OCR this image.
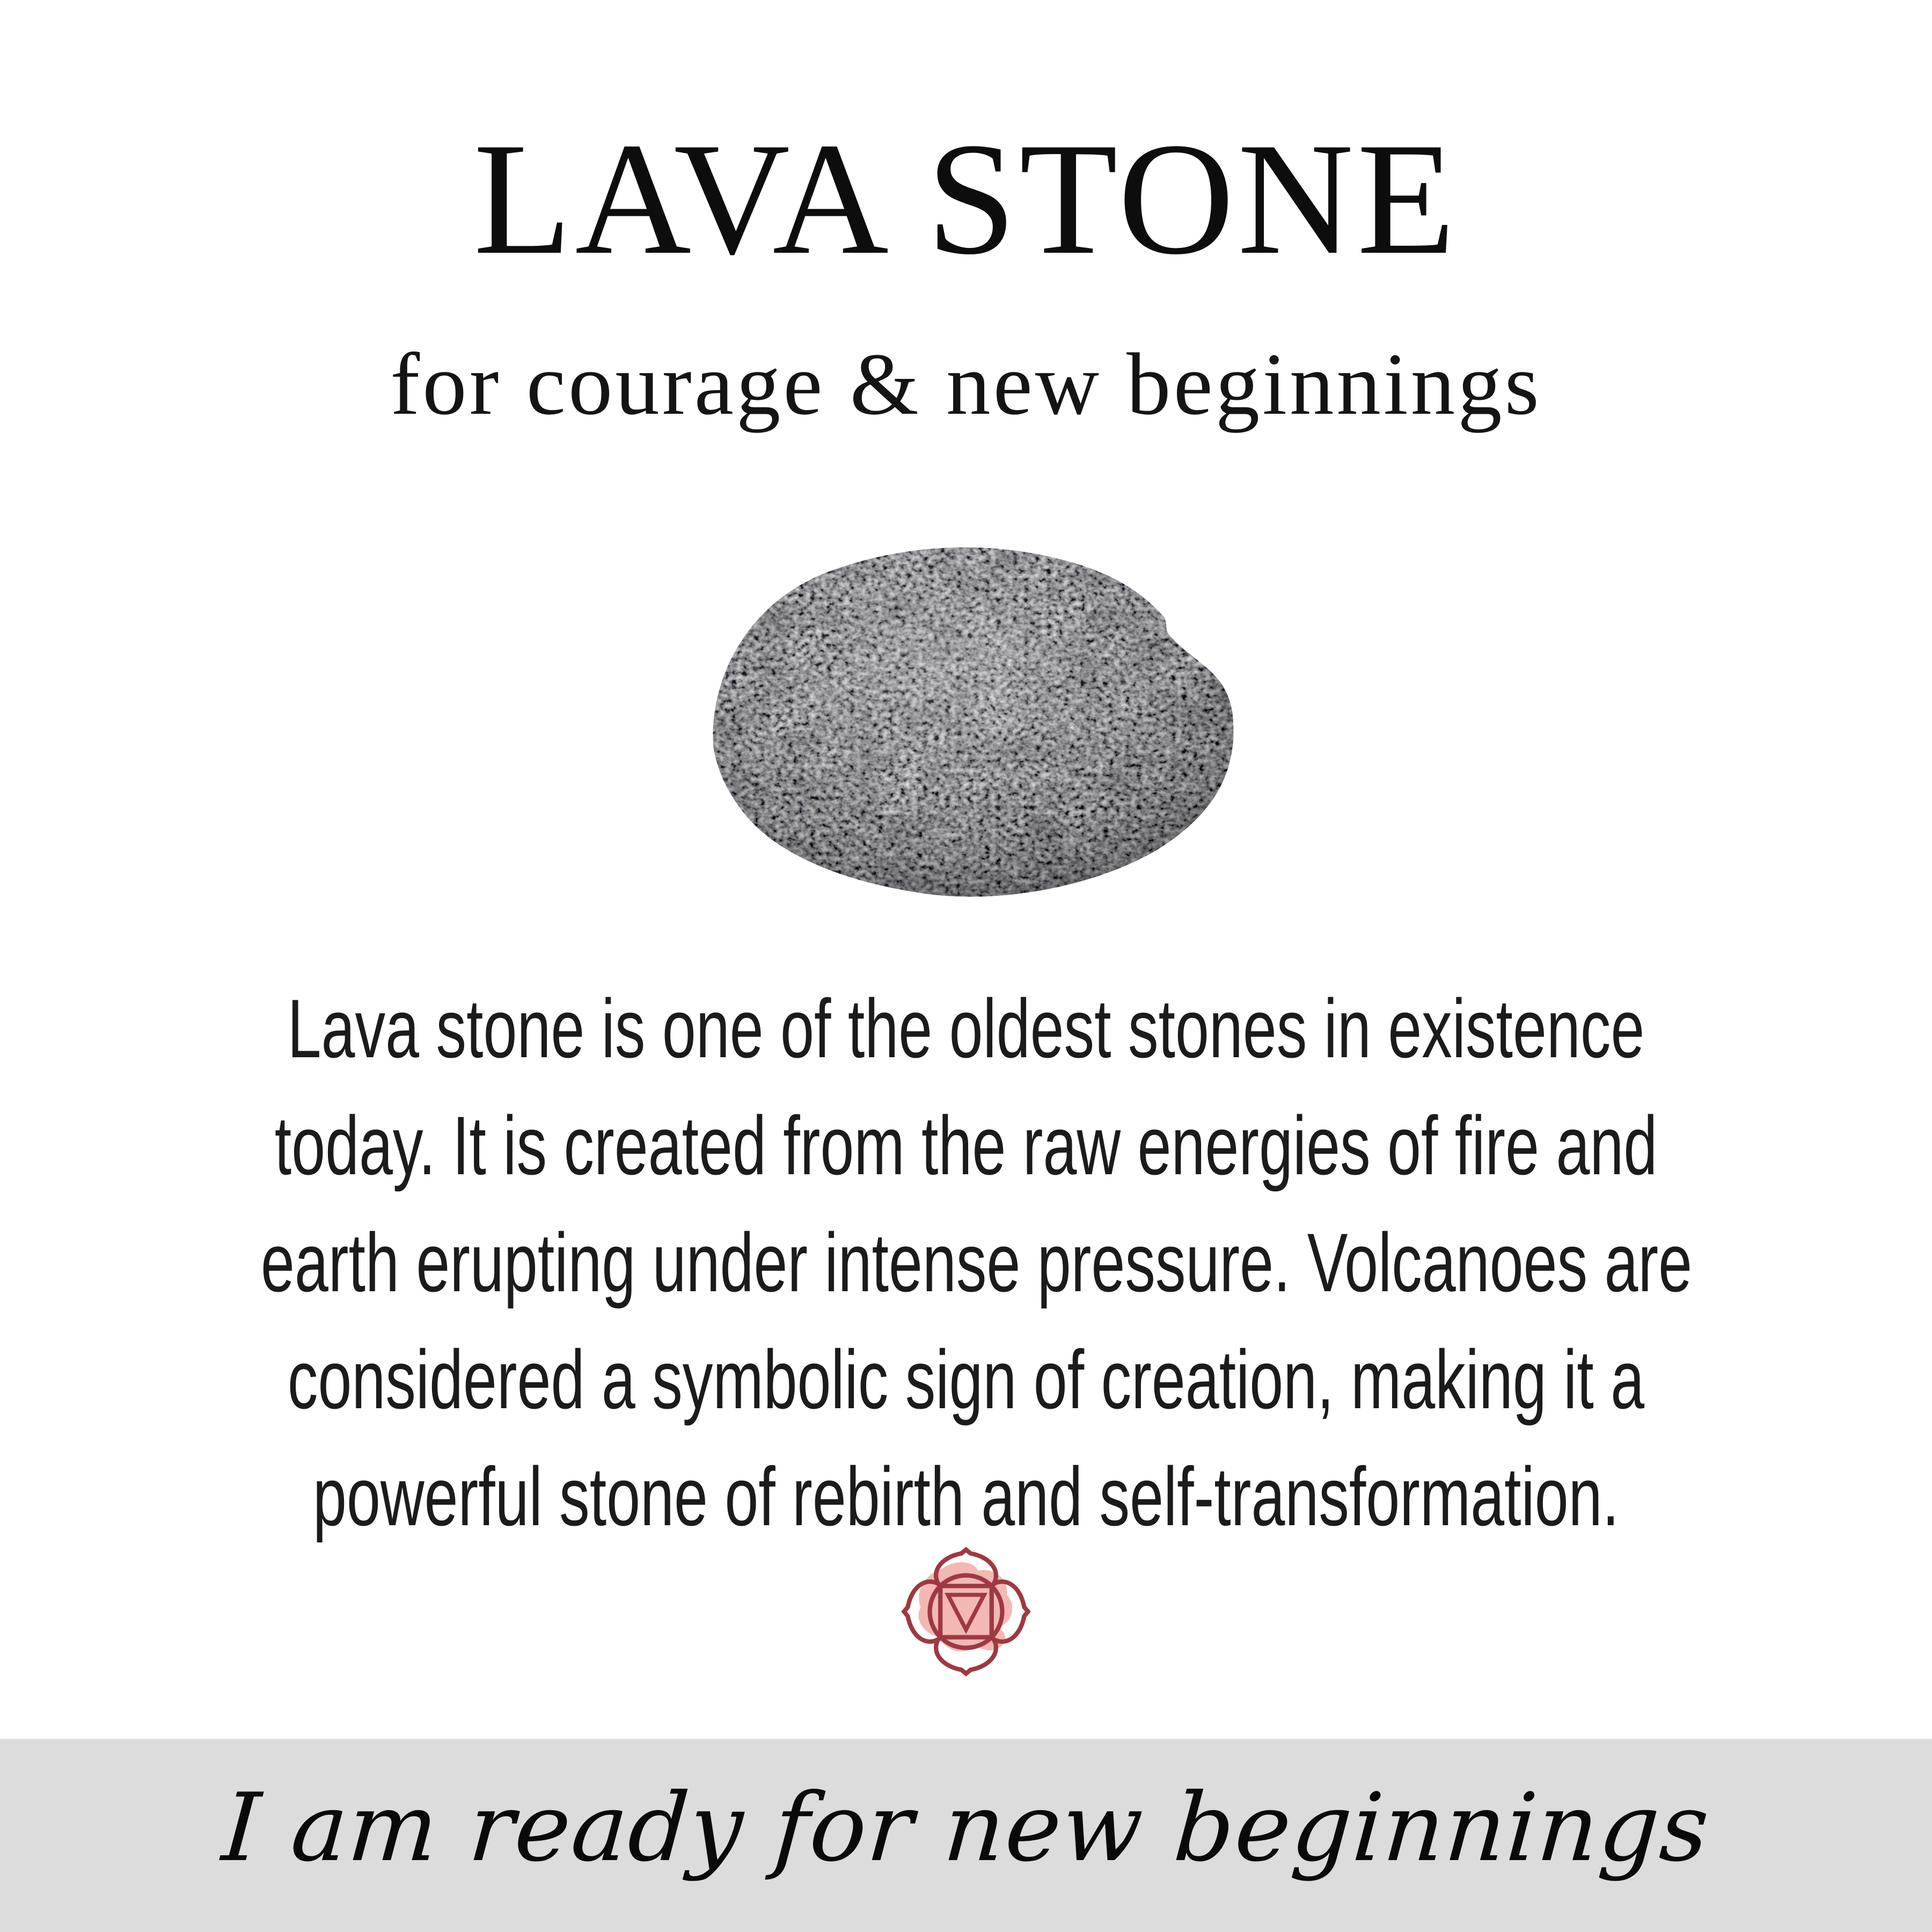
LAVA STONE
for courage & new beginnings
Lava stone is one of the oldest stones in existence
today. It is created from the raw energies of fire and
earth erupting under intense pressure. Volcanoes are
considered a symbolic sign of creation, making it a
powerful stone of rebirth and self-transformation.
I am ready for new beginnings
